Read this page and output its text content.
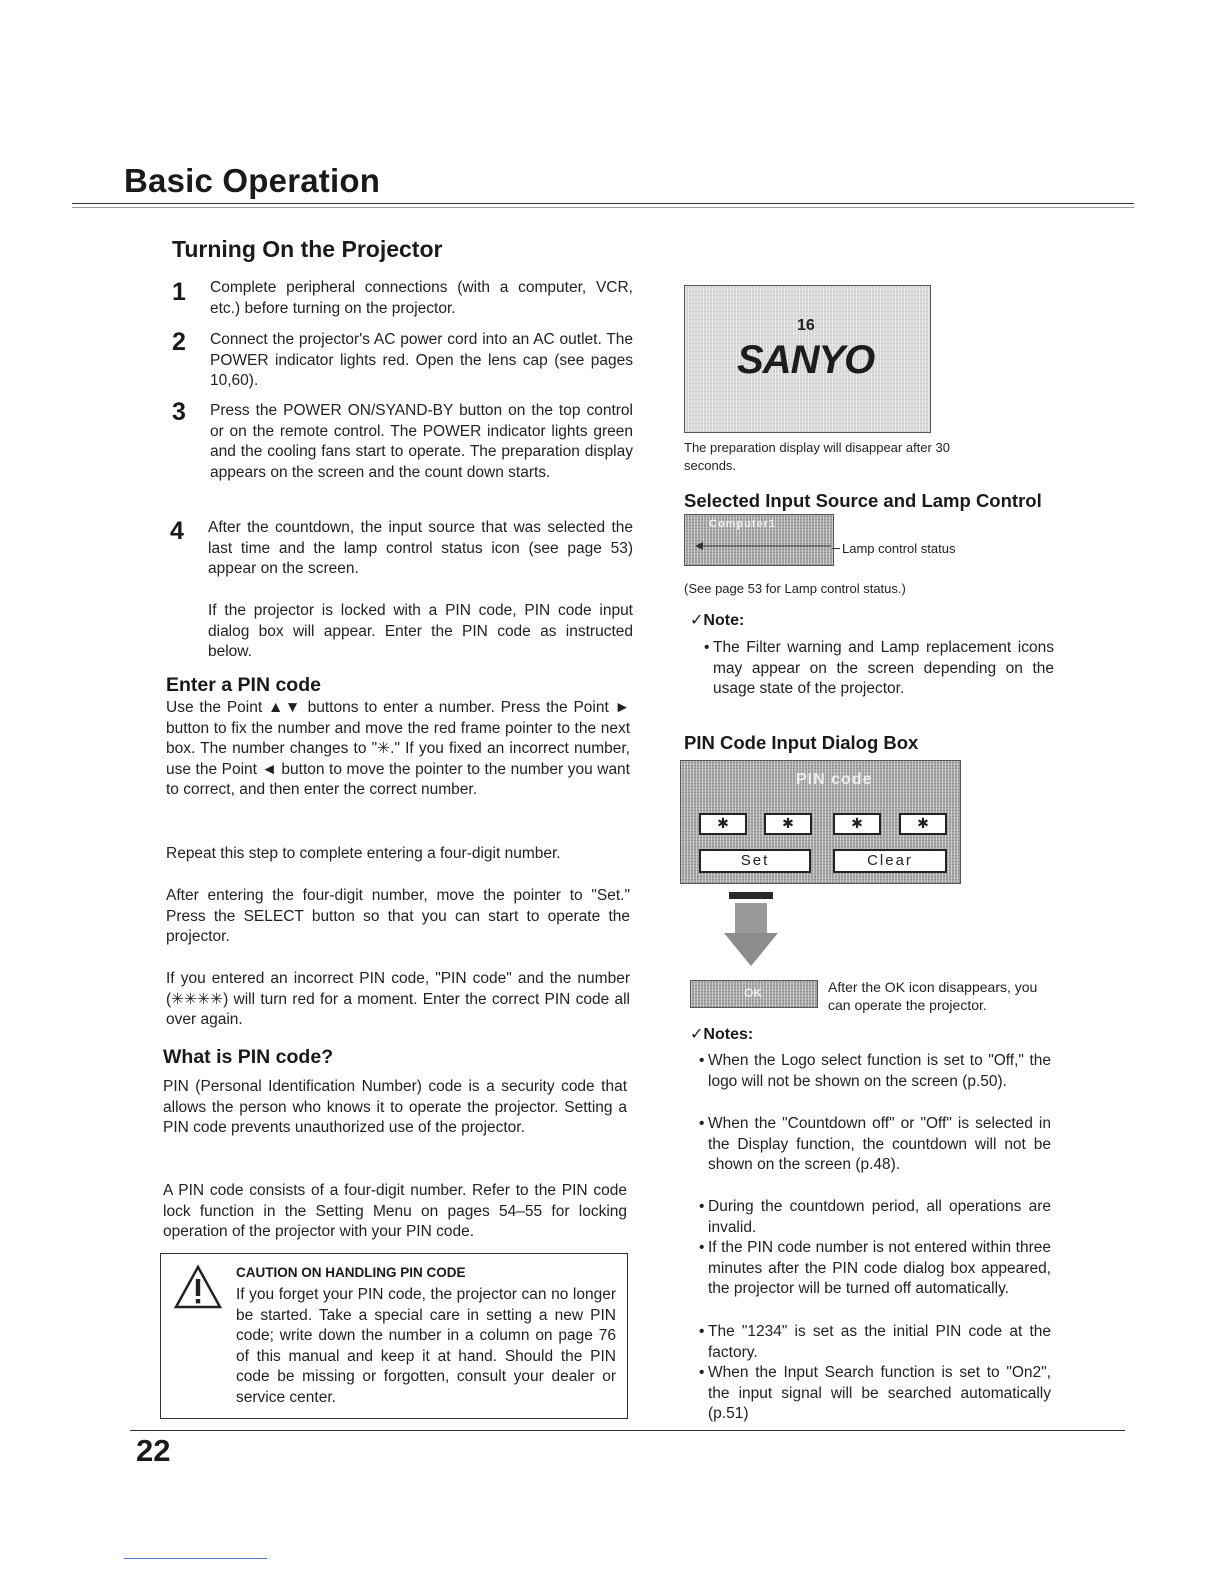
Basic Operation
Turning On the Projector
1 Complete peripheral connections (with a computer, VCR, etc.) before turning on the projector.

2 Connect the projector's AC power cord into an AC outlet. The POWER indicator lights red. Open the lens cap (see pages 10,60).

3 Press the POWER ON/SYAND-BY button on the top control or on the remote control. The POWER indicator lights green and the cooling fans start to operate. The preparation display appears on the screen and the count down starts.

4 After the countdown, the input source that was selected the last time and the lamp control status icon (see page 53) appear on the screen.

If the projector is locked with a PIN code, PIN code input dialog box will appear. Enter the PIN code as instructed below.

Enter a PIN code

Use the Point ▲▼ buttons to enter a number. Press the Point ► button to fix the number and move the red frame pointer to the next box. The number changes to "✳." If you fixed an incorrect number, use the Point ◄ button to move the pointer to the number you want to correct, and then enter the correct number.

Repeat this step to complete entering a four-digit number.

After entering the four-digit number, move the pointer to "Set." Press the SELECT button so that you can start to operate the projector.

If you entered an incorrect PIN code, "PIN code" and the number (✳✳✳✳) will turn red for a moment. Enter the correct PIN code all over again.

What is PIN code?

PIN (Personal Identification Number) code is a security code that allows the person who knows it to operate the projector. Setting a PIN code prevents unauthorized use of the projector.

A PIN code consists of a four-digit number. Refer to the PIN code lock function in the Setting Menu on pages 54–55 for locking operation of the projector with your PIN code.

CAUTION ON HANDLING PIN CODE

If you forget your PIN code, the projector can no longer be started. Take a special care in setting a new PIN code; write down the number in a column on page 76 of this manual and keep it at hand. Should the PIN code be missing or forgotten, consult your dealer or service center.

22
16
SANYO

The preparation display will disappear after 30 seconds.

Selected Input Source and Lamp Control
Computer1
Lamp control status

(See page 53 for Lamp control status.)

✓Note:
• The Filter warning and Lamp replacement icons may appear on the screen depending on the usage state of the projector.

PIN Code Input Dialog Box
PIN code
✱	✱	✱	✱
Set	Clear
OK	After the OK icon disappears, you can operate the projector.

✓Notes:
• When the Logo select function is set to "Off," the logo will not be shown on the screen (p.50).

• When the "Countdown off" or "Off" is selected in the Display function, the countdown will not be shown on the screen (p.48).

• During the countdown period, all operations are invalid.

• If the PIN code number is not entered within three minutes after the PIN code dialog box appeared, the projector will be turned off automatically.

• The "1234" is set as the initial PIN code at the factory.

• When the Input Search function is set to "On2", the input signal will be searched automatically (p.51)
